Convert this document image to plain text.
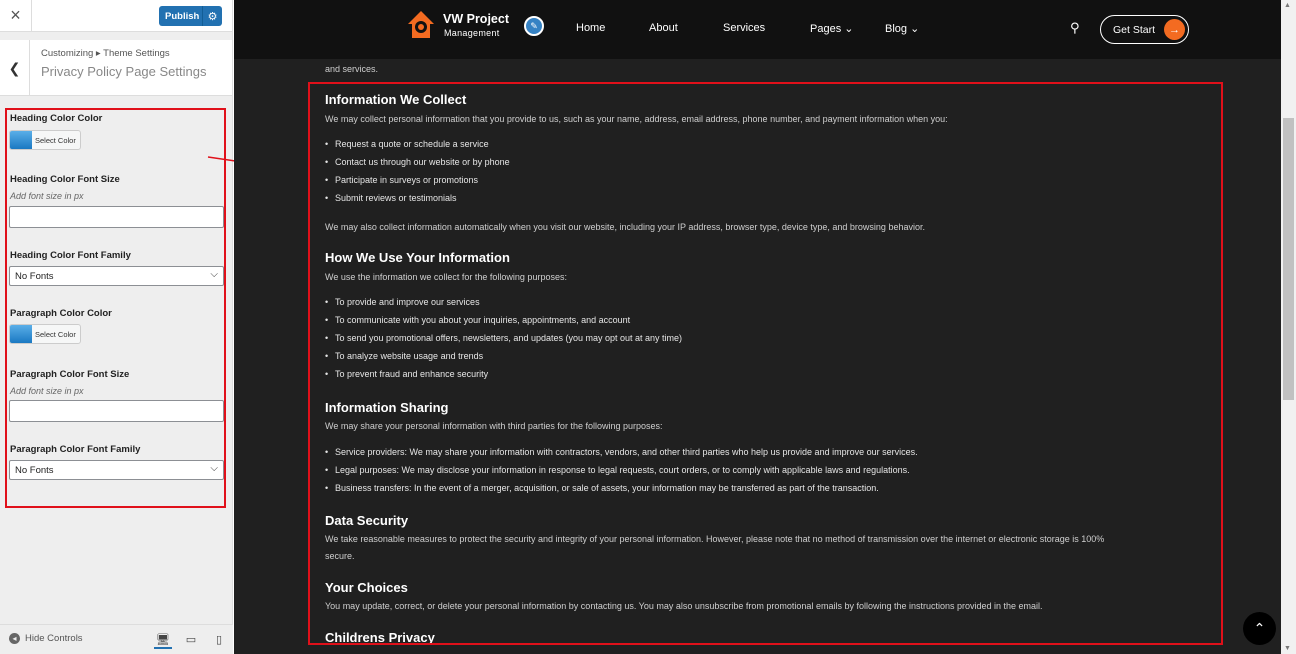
×	Publish ⚙
❮
Customizing ▸ Theme Settings
Privacy Policy Page Settings
Heading Color Color
Select Color
Heading Color Font Size
Add font size in px
Heading Color Font Family
No Fonts	⌵
Paragraph Color Color
Select Color
Paragraph Color Font Size
Add font size in px
Paragraph Color Font Family
No Fonts	⌵
◂ Hide Controls	🖥	▭	▯
VW Project
Management
✎	Home	About	Services	Pages ⌄	Blog ⌄	⚲	Get Start	→
and services.
Information We Collect
We may collect personal information that you provide to us, such as your name, address, email address, phone number, and payment information when you:
• Request a quote or schedule a service
• Contact us through our website or by phone
• Participate in surveys or promotions
• Submit reviews or testimonials
We may also collect information automatically when you visit our website, including your IP address, browser type, device type, and browsing behavior.
How We Use Your Information
We use the information we collect for the following purposes:
• To provide and improve our services
• To communicate with you about your inquiries, appointments, and account
• To send you promotional offers, newsletters, and updates (you may opt out at any time)
• To analyze website usage and trends
• To prevent fraud and enhance security
Information Sharing
We may share your personal information with third parties for the following purposes:
• Service providers: We may share your information with contractors, vendors, and other third parties who help us provide and improve our services.
• Legal purposes: We may disclose your information in response to legal requests, court orders, or to comply with applicable laws and regulations.
• Business transfers: In the event of a merger, acquisition, or sale of assets, your information may be transferred as part of the transaction.
Data Security
We take reasonable measures to protect the security and integrity of your personal information. However, please note that no method of transmission over the internet or electronic storage is 100%
secure.
Your Choices
You may update, correct, or delete your personal information by contacting us. You may also unsubscribe from promotional emails by following the instructions provided in the email.
Childrens Privacy
⌃
▲
▼
